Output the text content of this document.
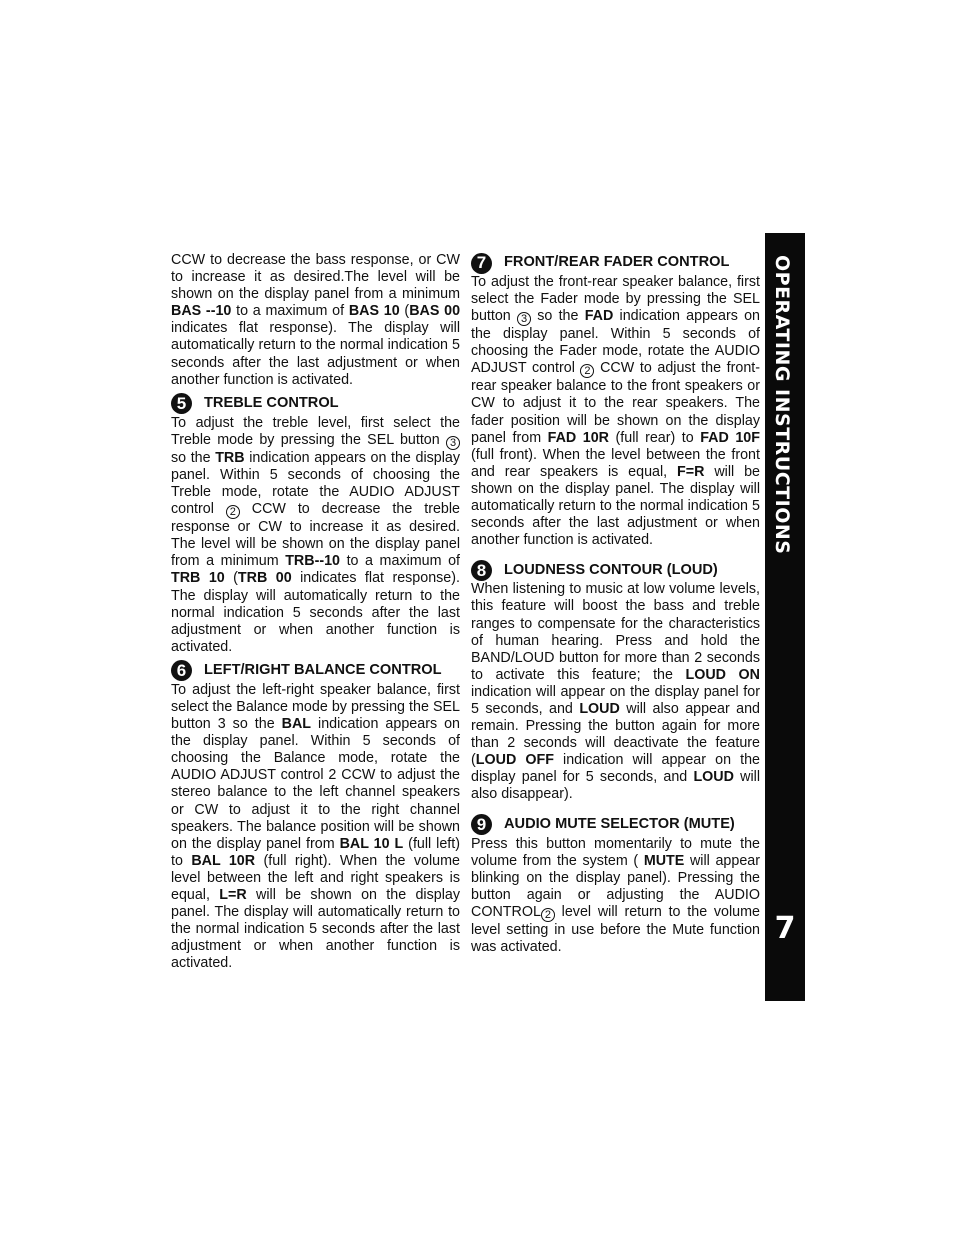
CCW to decrease the bass response, or CW to increase it as desired.The level will be shown on the display panel from a minimum BAS --10 to a maximum of BAS 10 (BAS 00 indicates flat response). The display will automatically return to the normal indication 5 seconds after the last adjustment or when another function is activated.

5	TREBLE CONTROL

To adjust the treble level, first select the Treble mode by pressing the SEL button 3 so the TRB indication appears on the display panel. Within 5 seconds of choosing the Treble mode, rotate the AUDIO ADJUST control 2 CCW to decrease the treble response or CW to increase it as desired. The level will be shown on the display panel from a minimum TRB--10 to a maximum of TRB 10 (TRB 00 indicates flat response). The display will automatically return to the normal indication 5 seconds after the last adjustment or when another function is activated.

6	LEFT/RIGHT BALANCE CONTROL

To adjust the left-right speaker balance, first select the Balance mode by pressing the SEL button 3 so the BAL indication appears on the display panel. Within 5 seconds of choosing the Balance mode, rotate the AUDIO ADJUST control 2 CCW to adjust the stereo balance to the left channel speakers or CW to adjust it to the right channel speakers. The balance position will be shown on the display panel from BAL 10 L (full left) to BAL 10R (full right). When the volume level between the left and right speakers is equal, L=R will be shown on the display panel. The display will automatically return to the normal indication 5 seconds after the last adjustment or when another function is activated.

7	FRONT/REAR FADER CONTROL

To adjust the front-rear speaker balance, first select the Fader mode by pressing the SEL button 3 so the FAD indication appears on the display panel. Within 5 seconds of choosing the Fader mode, rotate the AUDIO ADJUST control 2 CCW to adjust the front-rear speaker balance to the front speakers or CW to adjust it to the rear speakers. The fader position will be shown on the display panel from FAD 10R (full rear) to FAD 10F (full front). When the level between the front and rear speakers is equal, F=R will be shown on the display panel. The display will automatically return to the normal indication 5 seconds after the last adjustment or when another function is activated.

8	LOUDNESS CONTOUR (LOUD)

When listening to music at low volume levels, this feature will boost the bass and treble ranges to compensate for the characteristics of human hearing. Press and hold the BAND/LOUD button for more than 2 seconds to activate this feature; the LOUD ON indication will appear on the display panel for 5 seconds, and LOUD will also appear and remain. Pressing the button again for more than 2 seconds will deactivate the feature (LOUD OFF indication will appear on the display panel for 5 seconds, and LOUD will also disappear).

9	AUDIO MUTE SELECTOR (MUTE)

Press this button momentarily to mute the volume from the system ( MUTE will appear blinking on the display panel). Pressing the button again or adjusting the AUDIO CONTROL 2 level will return to the volume level setting in use before the Mute function was activated.

OPERATING INSTRUCTIONS
7
